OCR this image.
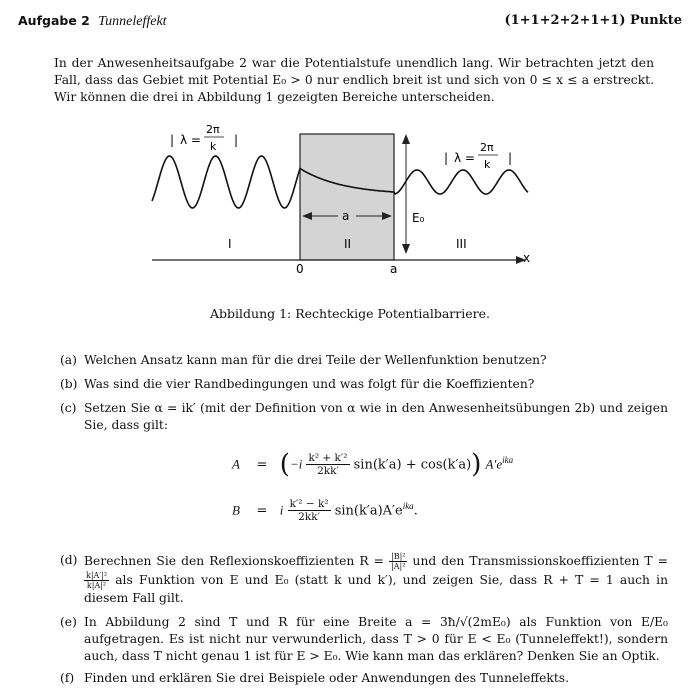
Aufgabe 2 Tunneleffekt	(1+1+2+2+1+1) Punkte
In der Anwesenheitsaufgabe 2 war die Potentialstufe unendlich lang. Wir betrachten jetzt den Fall, dass das Gebiet mit Potential E₀ > 0 nur endlich breit ist und sich von 0 ≤ x ≤ a erstreckt. Wir können die drei in Abbildung 1 gezeigten Bereiche unterscheiden.
I	II	III
a	E₀
x
0	a
| λ =
2π
k |
| λ =
2π
k |
Abbildung 1: Rechteckige Potentialbarriere.
(a) Welchen Ansatz kann man für die drei Teile der Wellenfunktion benutzen?
(b) Was sind die vier Randbedingungen und was folgt für die Koeffizienten?
(c) Setzen Sie α = ik′ (mit der Definition von α wie in den Anwesenheitsübungen 2b) und zeigen Sie, dass gilt:
$A = (-i \frac{\text{k² + k′²}}{2kk'} \sin(k'a) + \cos(k'a))$ $A'e^{ika}$
B = i $\frac{\text{k′² − k²}}{2kk'} \sin(k'a)A'e^{ika}$.
(d) Berechnen Sie den Reflexionskoeffizienten $R = \frac{\text{|B|²}}{\text{|A|²}}$ und den Transmissionskoeffizienten T =
$\frac{\text{k|A′|²}}{\text{k|A|²}}$ als Funktion von E und E₀ (statt k und k′), und zeigen Sie, dass R + T = 1 auch in diesem Fall gilt.
(e) In Abbildung 2 sind T und R für eine Breite a = 3ħ/√(2mE₀) als Funktion von E/E₀ aufgetragen. Es ist nicht nur verwunderlich, dass T > 0 für E < E₀ (Tunneleffekt!), sondern auch, dass T nicht genau 1 ist für E > E₀. Wie kann man das erklären? Denken Sie an Optik.
(f) Finden und erklären Sie drei Beispiele oder Anwendungen des Tunneleffekts.
